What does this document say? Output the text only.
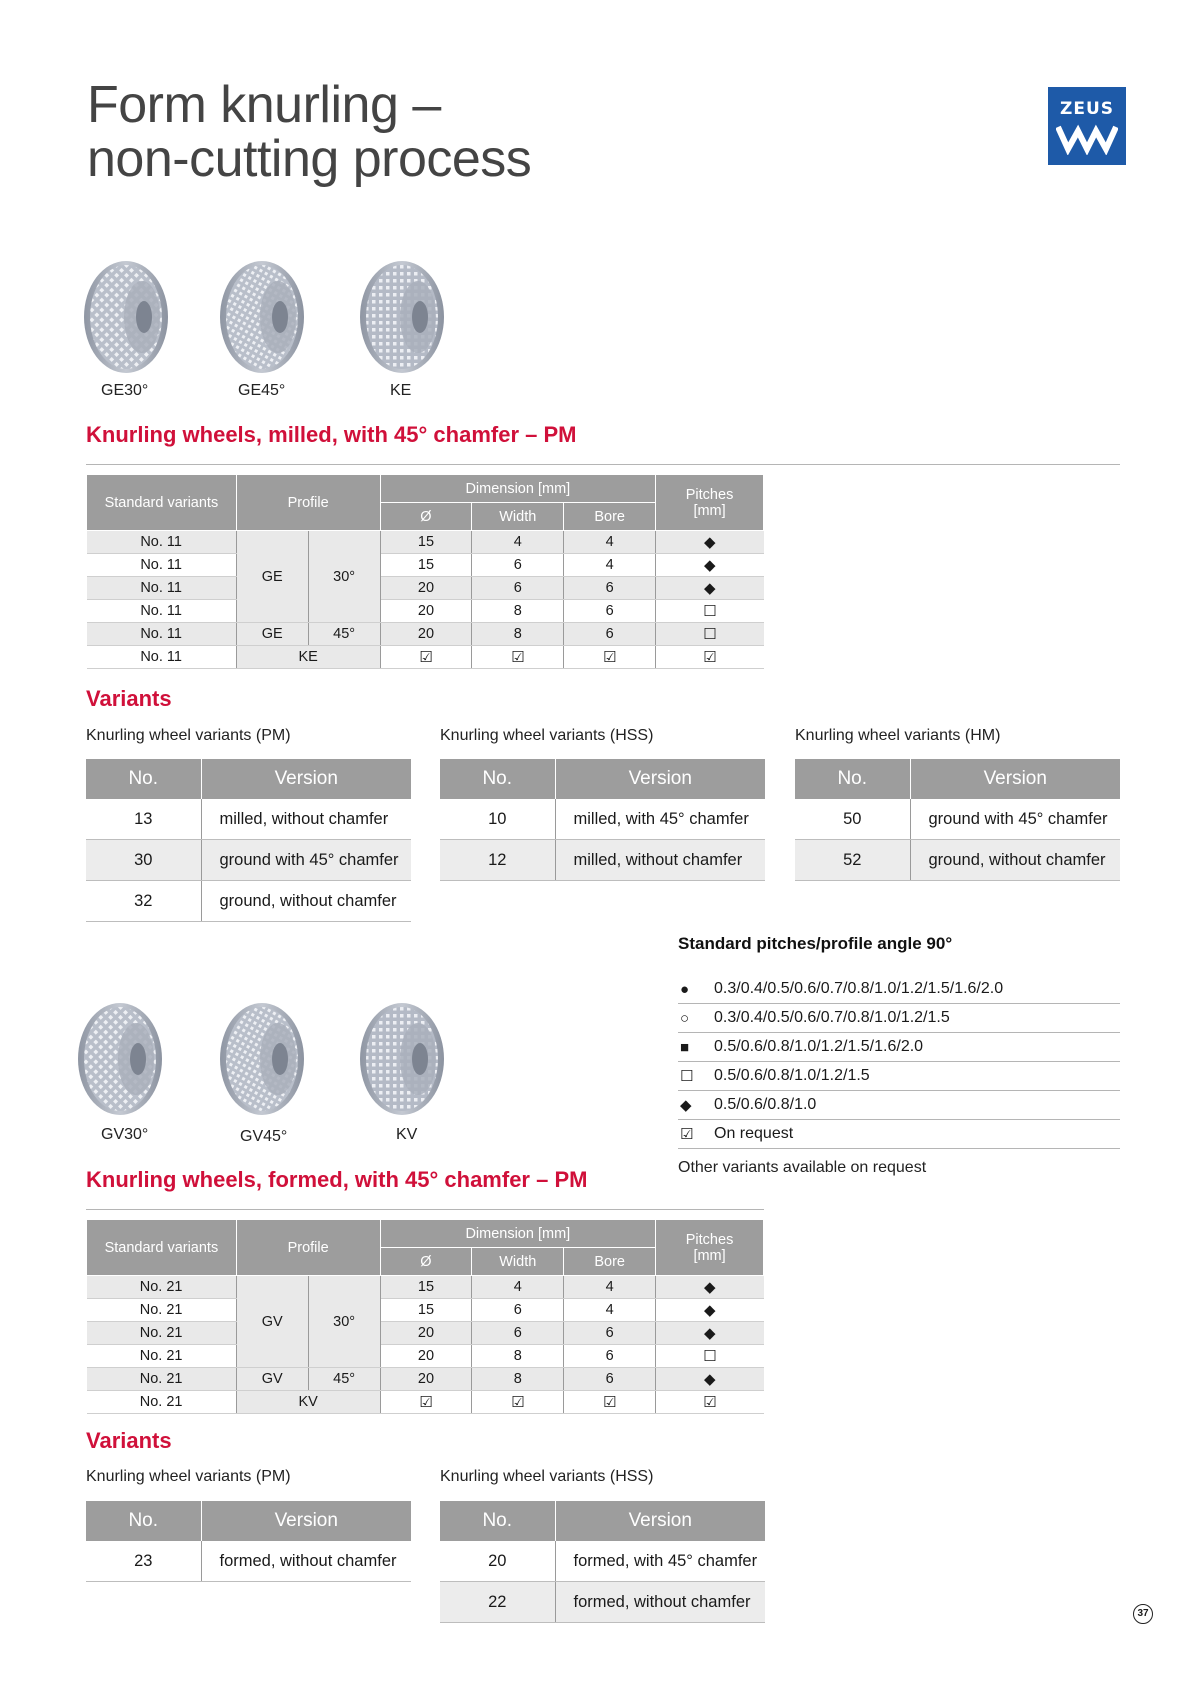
Form knurling –
non-cutting process
ZEUS
GE30°	GE45°	KE
Knurling wheels, milled, with 45° chamfer – PM
Standard variants	Profile		Dimension [mm]			Pitches
[mm]

			Ø	Width	Bore	
No. 11	GE	30°	15	4	4	◆
No. 11			15	6	4	◆
No. 11			20	6	6	◆
No. 11			20	8	6	☐
No. 11	GE	45°	20	8	6	☐
No. 11	KE		☑	☑	☑	☑
Variants
Knurling wheel variants (PM)	Knurling wheel variants (HSS)	Knurling wheel variants (HM)
No.	Version
13	milled, without chamfer
30	ground with 45° chamfer
32	ground, without chamfer
No.	Version
10	milled, with 45° chamfer
12	milled, without chamfer
No.	Version
50	ground with 45° chamfer
52	ground, without chamfer
Standard pitches/profile angle 90°
●	0.3/0.4/0.5/0.6/0.7/0.8/1.0/1.2/1.5/1.6/2.0
○	0.3/0.4/0.5/0.6/0.7/0.8/1.0/1.2/1.5
■	0.5/0.6/0.8/1.0/1.2/1.5/1.6/2.0
☐	0.5/0.6/0.8/1.0/1.2/1.5
◆	0.5/0.6/0.8/1.0
☑	On request
Other variants available on request
GV30°	GV45°	KV
Knurling wheels, formed, with 45° chamfer – PM
Standard variants	Profile		Dimension [mm]			Pitches
[mm]

			Ø	Width	Bore	
No. 21	GV	30°	15	4	4	◆
No. 21			15	6	4	◆
No. 21			20	6	6	◆
No. 21			20	8	6	☐
No. 21	GV	45°	20	8	6	◆
No. 21	KV		☑	☑	☑	☑
Variants
Knurling wheel variants (PM)	Knurling wheel variants (HSS)
No.	Version
23	formed, without chamfer
No.	Version
20	formed, with 45° chamfer
22	formed, without chamfer
37
